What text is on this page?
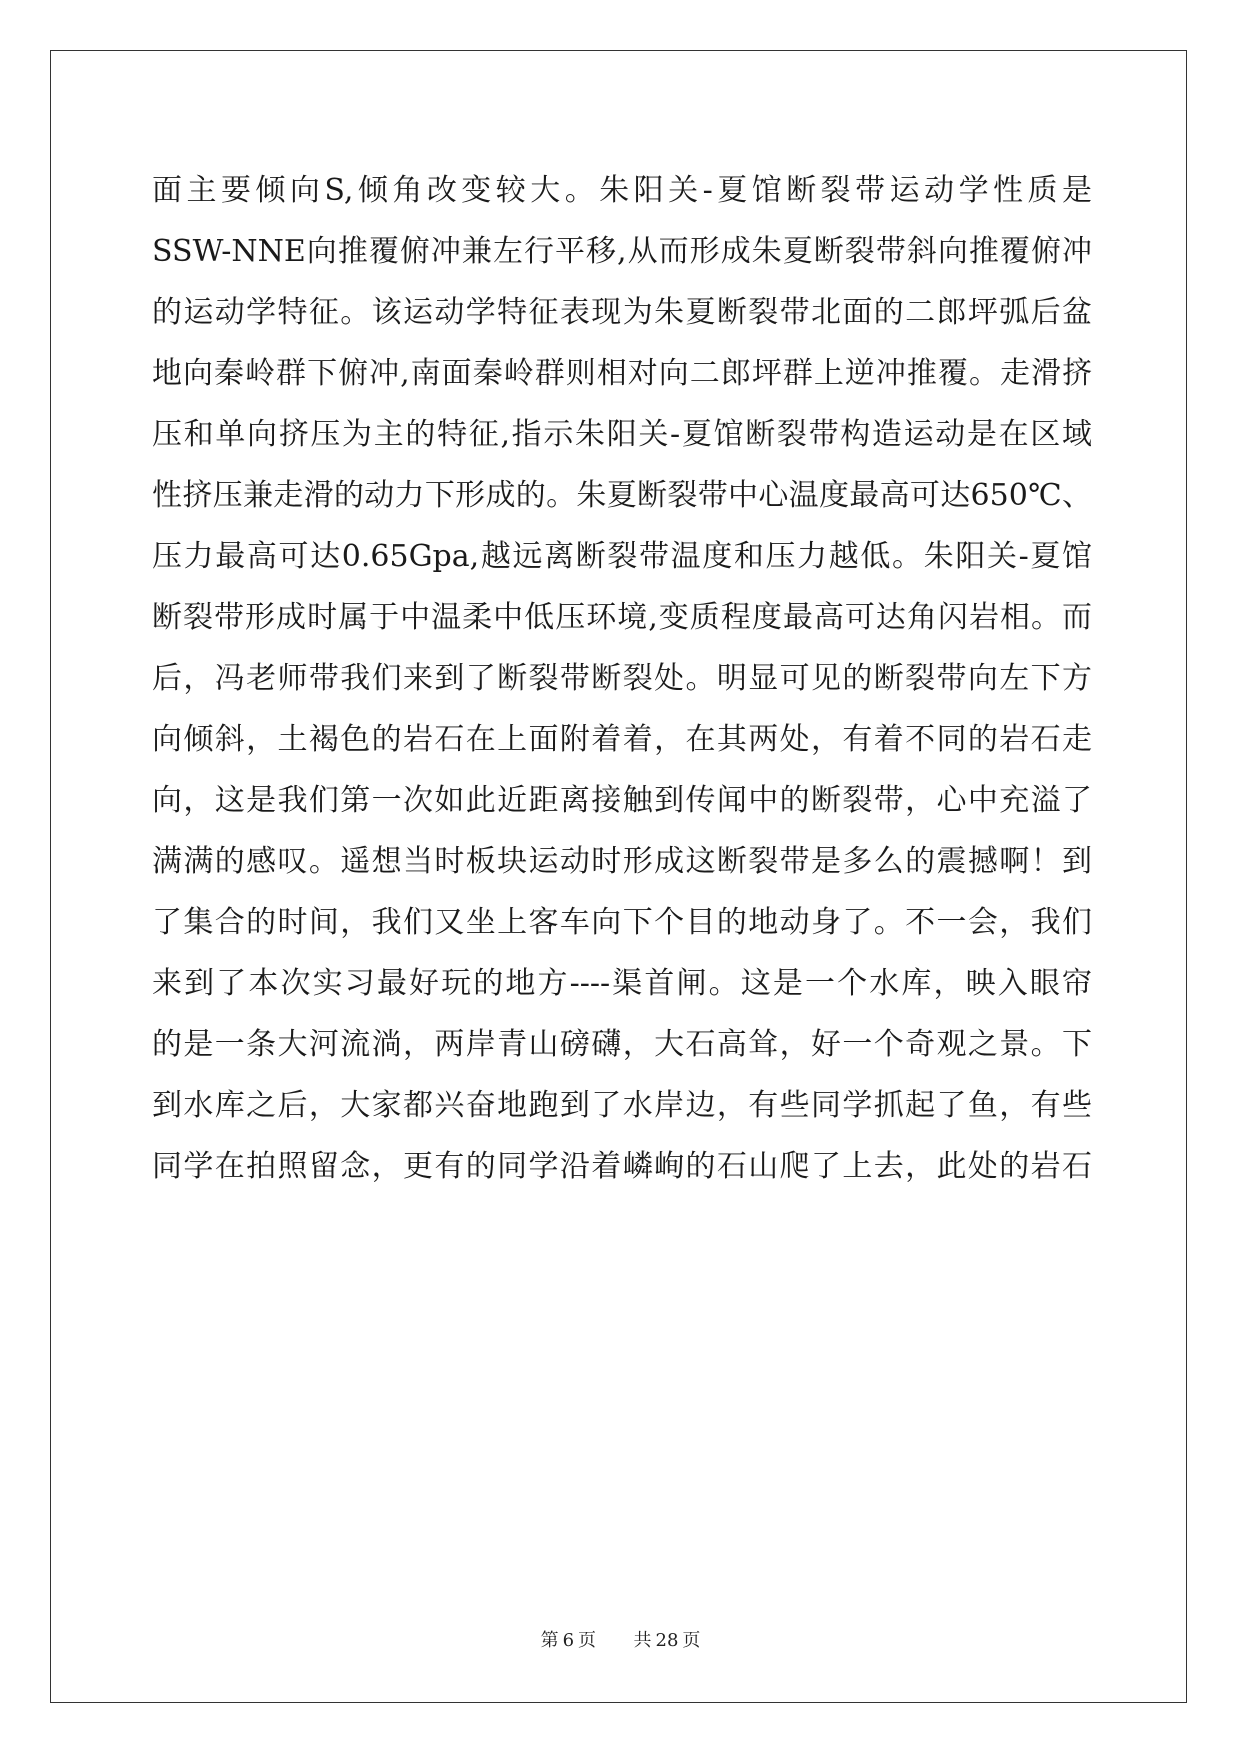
面主要倾向S,倾角改变较大。朱阳关-夏馆断裂带运动学性质是
SSW-NNE向推覆俯冲兼左行平移,从而形成朱夏断裂带斜向推覆俯冲
的运动学特征。该运动学特征表现为朱夏断裂带北面的二郎坪弧后盆
地向秦岭群下俯冲,南面秦岭群则相对向二郎坪群上逆冲推覆。走滑挤
压和单向挤压为主的特征,指示朱阳关-夏馆断裂带构造运动是在区域
性挤压兼走滑的动力下形成的。朱夏断裂带中心温度最高可达650℃、
压力最高可达0.65Gpa,越远离断裂带温度和压力越低。朱阳关-夏馆
断裂带形成时属于中温柔中低压环境,变质程度最高可达角闪岩相。而
后，冯老师带我们来到了断裂带断裂处。明显可见的断裂带向左下方
向倾斜，土褐色的岩石在上面附着着，在其两处，有着不同的岩石走
向，这是我们第一次如此近距离接触到传闻中的断裂带，心中充溢了
满满的感叹。遥想当时板块运动时形成这断裂带是多么的震撼啊！到
了集合的时间，我们又坐上客车向下个目的地动身了。不一会，我们
来到了本次实习最好玩的地方----渠首闸。这是一个水库，映入眼帘
的是一条大河流淌，两岸青山磅礴，大石高耸，好一个奇观之景。下
到水库之后，大家都兴奋地跑到了水岸边，有些同学抓起了鱼，有些
同学在拍照留念，更有的同学沿着嶙峋的石山爬了上去，此处的岩石
第 6 页 共 28 页
